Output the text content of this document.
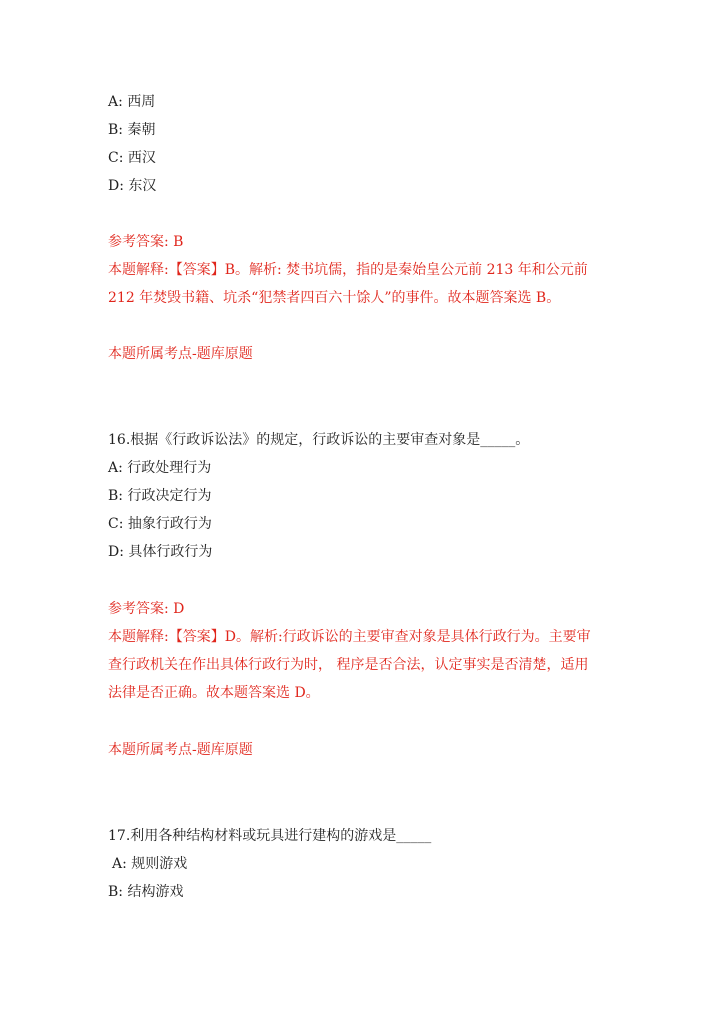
A: 西周
B: 秦朝
C: 西汉
D: 东汉
参考答案: B
本题解释:【答案】B。解析: 焚书坑儒，指的是秦始皇公元前 213 年和公元前
212 年焚毁书籍、坑杀“犯禁者四百六十馀人”的事件。故本题答案选 B。
本题所属考点-题库原题
16.根据《行政诉讼法》的规定，行政诉讼的主要审查对象是_____。
A: 行政处理行为
B: 行政决定行为
C: 抽象行政行为
D: 具体行政行为
参考答案: D
本题解释:【答案】D。解析:行政诉讼的主要审查对象是具体行政行为。主要审
查行政机关在作出具体行政行为时， 程序是否合法，认定事实是否清楚，适用
法律是否正确。故本题答案选 D。
本题所属考点-题库原题
17.利用各种结构材料或玩具进行建构的游戏是_____
A: 规则游戏
B: 结构游戏
